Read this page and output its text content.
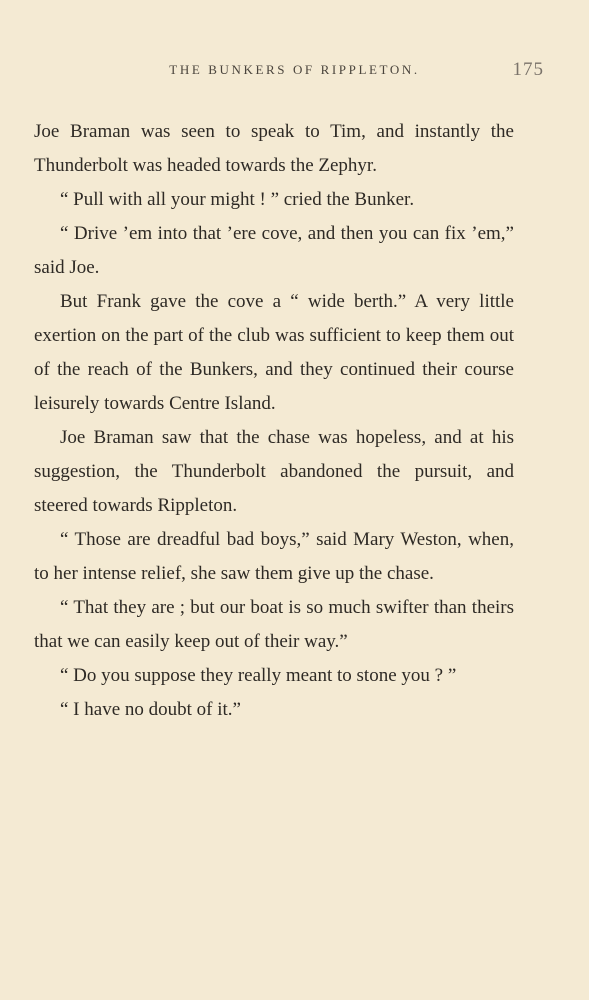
THE BUNKERS OF RIPPLETON.	175

Joe Braman was seen to speak to Tim, and instantly the Thunderbolt was headed towards the Zephyr.

“ Pull with all your might ! ” cried the Bunker.

“ Drive ’em into that ’ere cove, and then you can fix ’em,” said Joe.

But Frank gave the cove a “ wide berth.” A very little exertion on the part of the club was sufficient to keep them out of the reach of the Bunkers, and they continued their course leisurely towards Centre Island.

Joe Braman saw that the chase was hopeless, and at his suggestion, the Thunderbolt abandoned the pursuit, and steered towards Rippleton.

“ Those are dreadful bad boys,” said Mary Weston, when, to her intense relief, she saw them give up the chase.

“ That they are ; but our boat is so much swifter than theirs that we can easily keep out of their way.”

“ Do you suppose they really meant to stone you ? ”

“ I have no doubt of it.”
